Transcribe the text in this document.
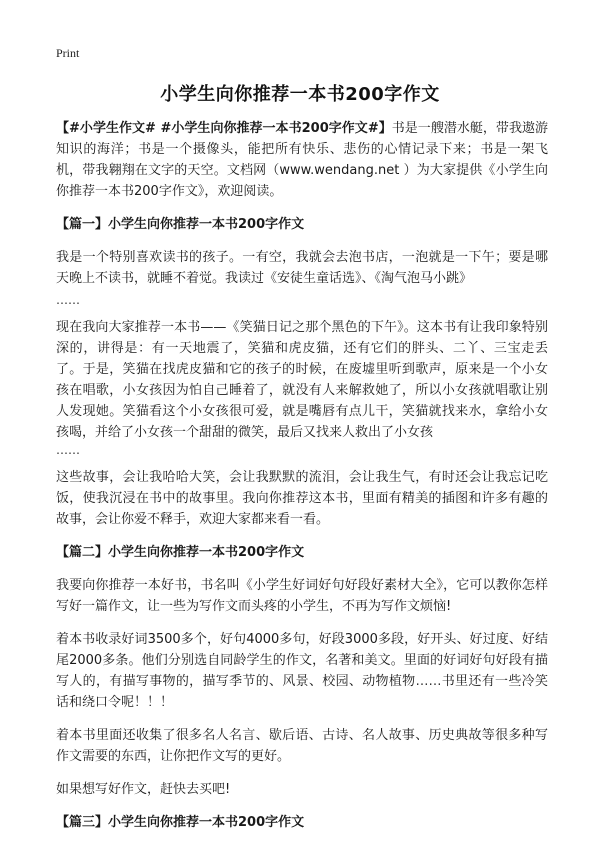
Print
小学生向你推荐一本书200字作文

【#小学生作文# #小学生向你推荐一本书200字作文#】书是一艘潜水艇，带我遨游知识的海洋；书是一个摄像头，能把所有快乐、悲伤的心情记录下来；书是一架飞机，带我翱翔在文字的天空。文档网（www.wendang.net ）为大家提供《小学生向你推荐一本书200字作文》，欢迎阅读。

【篇一】小学生向你推荐一本书200字作文

我是一个特别喜欢读书的孩子。一有空，我就会去泡书店，一泡就是一下午；要是哪天晚上不读书，就睡不着觉。我读过《安徒生童话选》、《淘气泡马小跳》

……

现在我向大家推荐一本书——《笑猫日记之那个黑色的下午》。这本书有让我印象特别深的，讲得是：有一天地震了，笑猫和虎皮猫，还有它们的胖头、二丫、三宝走丢了。于是，笑猫在找虎皮猫和它的孩子的时候，在废墟里听到歌声，原来是一个小女孩在唱歌，小女孩因为怕自己睡着了，就没有人来解救她了，所以小女孩就唱歌让别人发现她。笑猫看这个小女孩很可爱，就是嘴唇有点儿干，笑猫就找来水，拿给小女孩喝，并给了小女孩一个甜甜的微笑，最后又找来人救出了小女孩

……

这些故事，会让我哈哈大笑，会让我默默的流泪，会让我生气，有时还会让我忘记吃饭，使我沉浸在书中的故事里。我向你推荐这本书，里面有精美的插图和许多有趣的故事，会让你爱不释手，欢迎大家都来看一看。

【篇二】小学生向你推荐一本书200字作文

我要向你推荐一本好书，书名叫《小学生好词好句好段好素材大全》，它可以教你怎样写好一篇作文，让一些为写作文而头疼的小学生，不再为写作文烦恼!

着本书收录好词3500多个，好句4000多句，好段3000多段，好开头、好过度、好结尾2000多条。他们分别选自同龄学生的作文，名著和美文。里面的好词好句好段有描写人的，有描写事物的，描写季节的、风景、校园、动物植物……书里还有一些冷笑话和绕口令呢！！！

着本书里面还收集了很多名人名言、歇后语、古诗、名人故事、历史典故等很多种写作文需要的东西，让你把作文写的更好。

如果想写好作文，赶快去买吧!

【篇三】小学生向你推荐一本书200字作文
